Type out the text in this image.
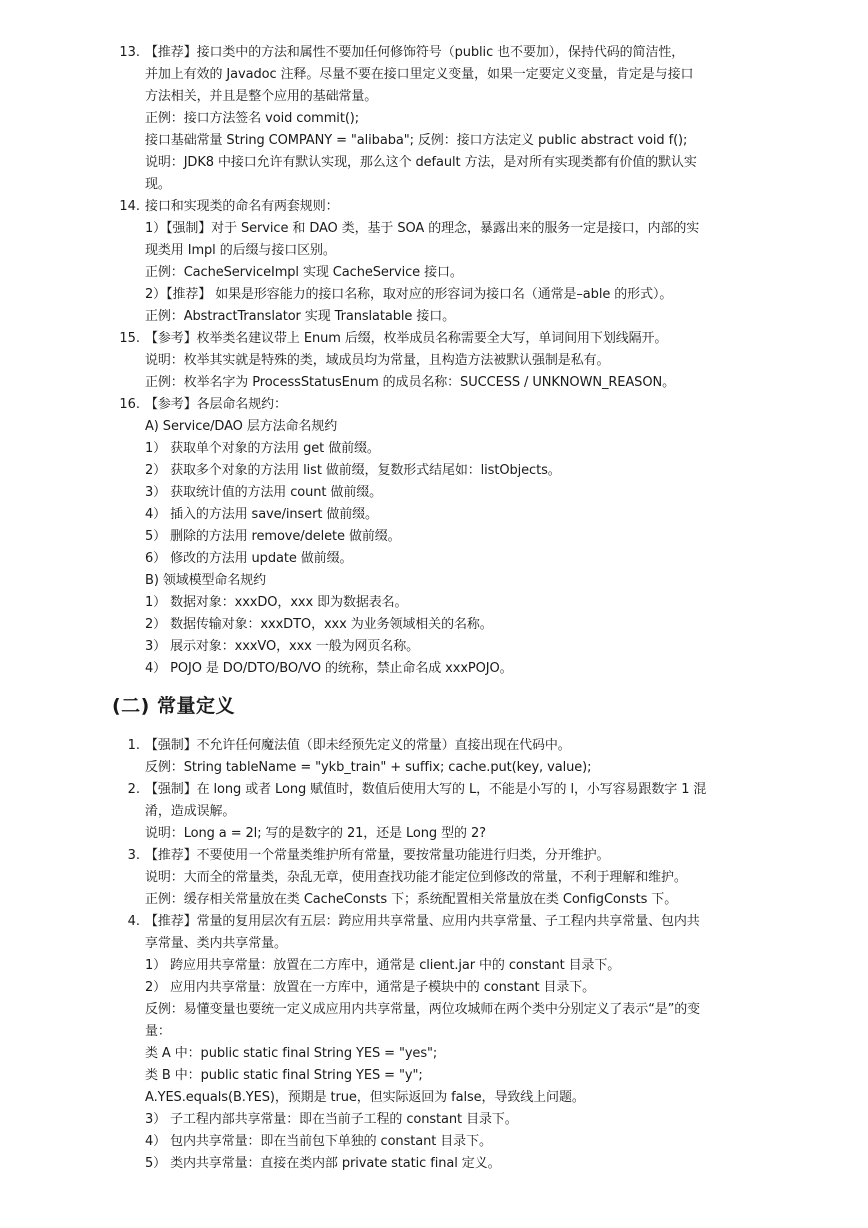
13. 【推荐】接口类中的方法和属性不要加任何修饰符号（public 也不要加），保持代码的简洁性，
并加上有效的 Javadoc 注释。尽量不要在接口里定义变量，如果一定要定义变量，肯定是与接口
方法相关，并且是整个应用的基础常量。
正例：接口方法签名 void commit();
接口基础常量 String COMPANY = "alibaba"; 反例：接口方法定义 public abstract void f();
说明：JDK8 中接口允许有默认实现，那么这个 default 方法，是对所有实现类都有价值的默认实
现。
14. 接口和实现类的命名有两套规则：
1）【强制】对于 Service 和 DAO 类，基于 SOA 的理念，暴露出来的服务一定是接口，内部的实
现类用 Impl 的后缀与接口区别。
正例：CacheServiceImpl 实现 CacheService 接口。
2）【推荐】 如果是形容能力的接口名称，取对应的形容词为接口名（通常是–able 的形式）。
正例：AbstractTranslator 实现 Translatable 接口。
15. 【参考】枚举类名建议带上 Enum 后缀，枚举成员名称需要全大写，单词间用下划线隔开。
说明：枚举其实就是特殊的类，域成员均为常量，且构造方法被默认强制是私有。
正例：枚举名字为 ProcessStatusEnum 的成员名称：SUCCESS / UNKNOWN_REASON。
16. 【参考】各层命名规约：
A) Service/DAO 层方法命名规约
1） 获取单个对象的方法用 get 做前缀。
2） 获取多个对象的方法用 list 做前缀，复数形式结尾如：listObjects。
3） 获取统计值的方法用 count 做前缀。
4） 插入的方法用 save/insert 做前缀。
5） 删除的方法用 remove/delete 做前缀。
6） 修改的方法用 update 做前缀。
B) 领域模型命名规约
1） 数据对象：xxxDO，xxx 即为数据表名。
2） 数据传输对象：xxxDTO，xxx 为业务领域相关的名称。
3） 展示对象：xxxVO，xxx 一般为网页名称。
4） POJO 是 DO/DTO/BO/VO 的统称，禁止命名成 xxxPOJO。
(二) 常量定义
1. 【强制】不允许任何魔法值（即未经预先定义的常量）直接出现在代码中。
反例：String tableName = "ykb_train" + suffix; cache.put(key, value);
2. 【强制】在 long 或者 Long 赋值时，数值后使用大写的 L，不能是小写的 l，小写容易跟数字 1 混
淆，造成误解。
说明：Long a = 2l; 写的是数字的 21，还是 Long 型的 2?
3. 【推荐】不要使用一个常量类维护所有常量，要按常量功能进行归类，分开维护。
说明：大而全的常量类，杂乱无章，使用查找功能才能定位到修改的常量，不利于理解和维护。
正例：缓存相关常量放在类 CacheConsts 下；系统配置相关常量放在类 ConfigConsts 下。
4. 【推荐】常量的复用层次有五层：跨应用共享常量、应用内共享常量、子工程内共享常量、包内共
享常量、类内共享常量。
1） 跨应用共享常量：放置在二方库中，通常是 client.jar 中的 constant 目录下。
2） 应用内共享常量：放置在一方库中，通常是子模块中的 constant 目录下。
反例：易懂变量也要统一定义成应用内共享常量，两位攻城师在两个类中分别定义了表示“是”的变
量：
类 A 中：public static final String YES = "yes";
类 B 中：public static final String YES = "y";
A.YES.equals(B.YES)，预期是 true，但实际返回为 false，导致线上问题。
3） 子工程内部共享常量：即在当前子工程的 constant 目录下。
4） 包内共享常量：即在当前包下单独的 constant 目录下。
5） 类内共享常量：直接在类内部 private static final 定义。
